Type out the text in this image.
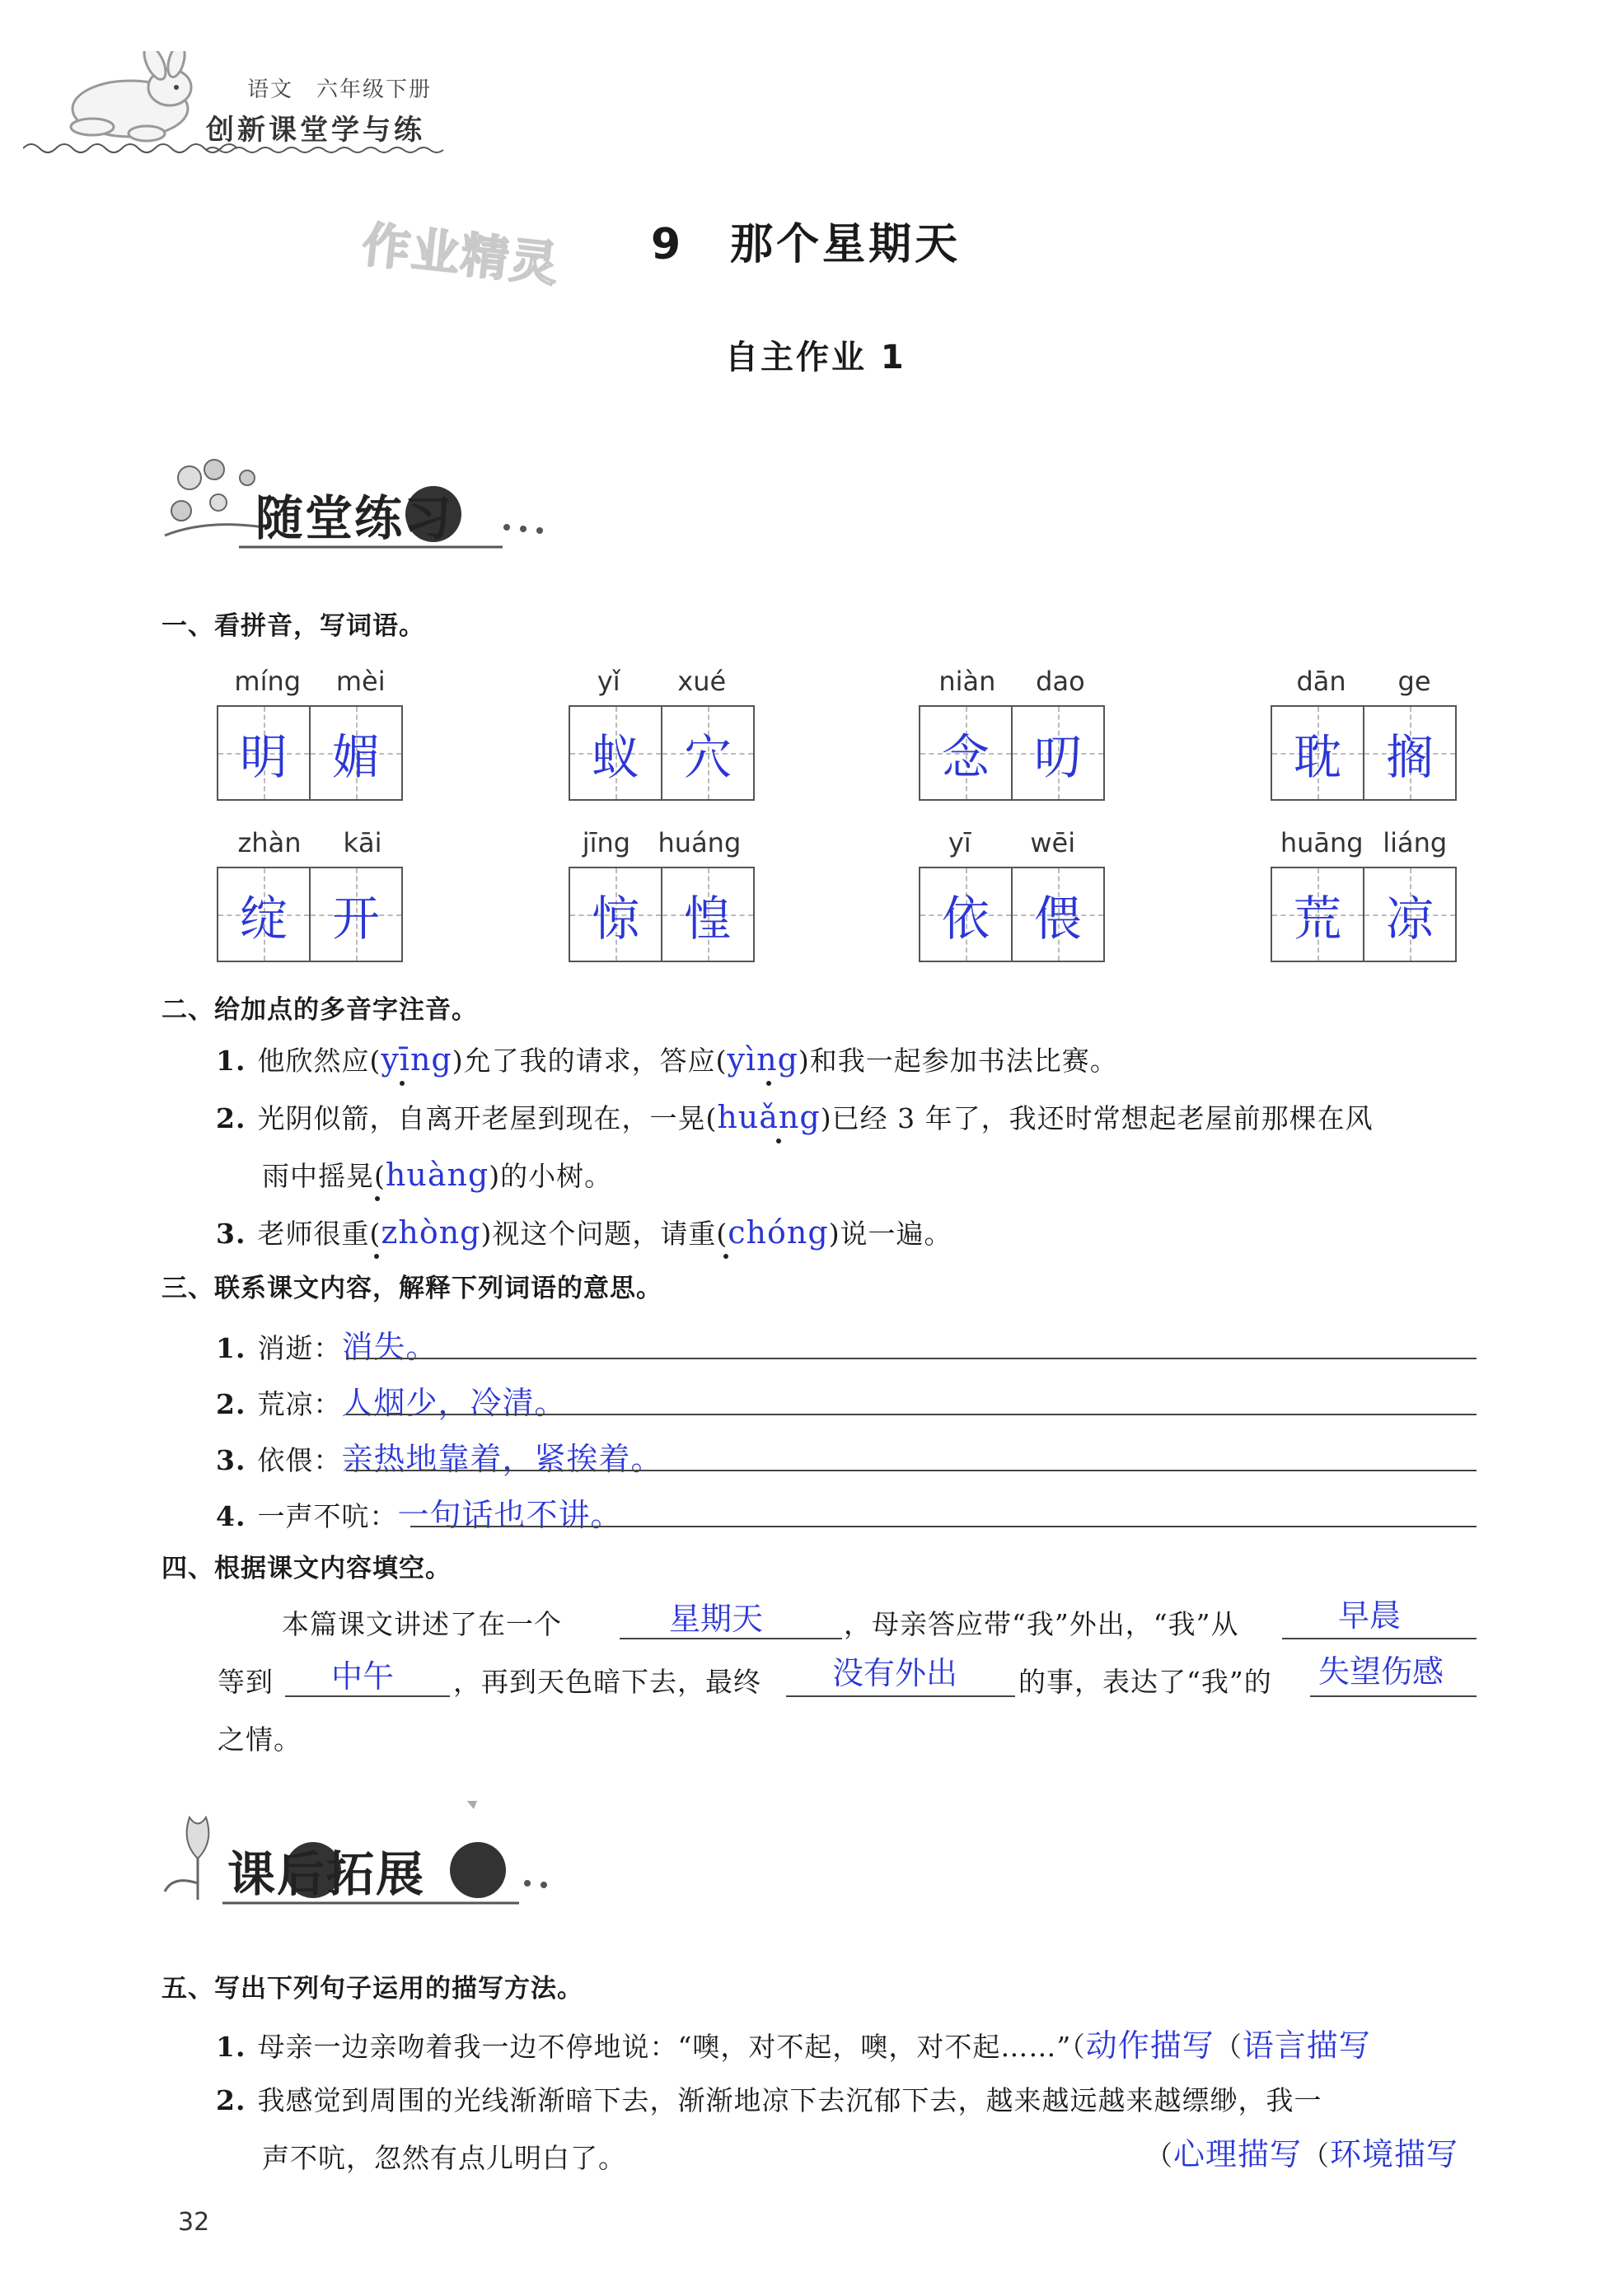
语文　六年级下册
创新课堂学与练
作业精灵 9　那个星期天
自主作业 1
随堂练习
一、看拼音，写词语。
míng mèi
明 媚
yǐ xué
蚁 穴
niàn dao
念 叨
dān ge
耽 搁
zhàn kāi
绽 开
jīng huáng
惊 惶
yī wēi
依 偎
huāng liáng
荒 凉
二、给加点的多音字注音。
1. 他欣然应(yīng)允了我的请求，答应(yìng)和我一起参加书法比赛。
2. 光阴似箭，自离开老屋到现在，一晃(huǎng)已经 3 年了，我还时常想起老屋前那棵在风
雨中摇晃(huàng)的小树。
3. 老师很重(zhòng)视这个问题，请重(chóng)说一遍。
三、联系课文内容，解释下列词语的意思。
1. 消逝：消失。
2. 荒凉：人烟少，冷清。
3. 依偎：亲热地靠着，紧挨着。
4. 一声不吭：一句话也不讲。
四、根据课文内容填空。
本篇课文讲述了在一个	星期天	，母亲答应带“我”外出，“我”从	早晨
等到 中午 ，再到天色暗下去，最终 没有外出 的事，表达了“我”的 失望伤感
之情。
课后拓展
五、写出下列句子运用的描写方法。
1. 母亲一边亲吻着我一边不停地说：“噢，对不起，噢，对不起……”（动作描写（语言描写
2. 我感觉到周围的光线渐渐暗下去，渐渐地凉下去沉郁下去，越来越远越来越缥缈，我一
声不吭，忽然有点儿明白了。	（心理描写（环境描写
32
